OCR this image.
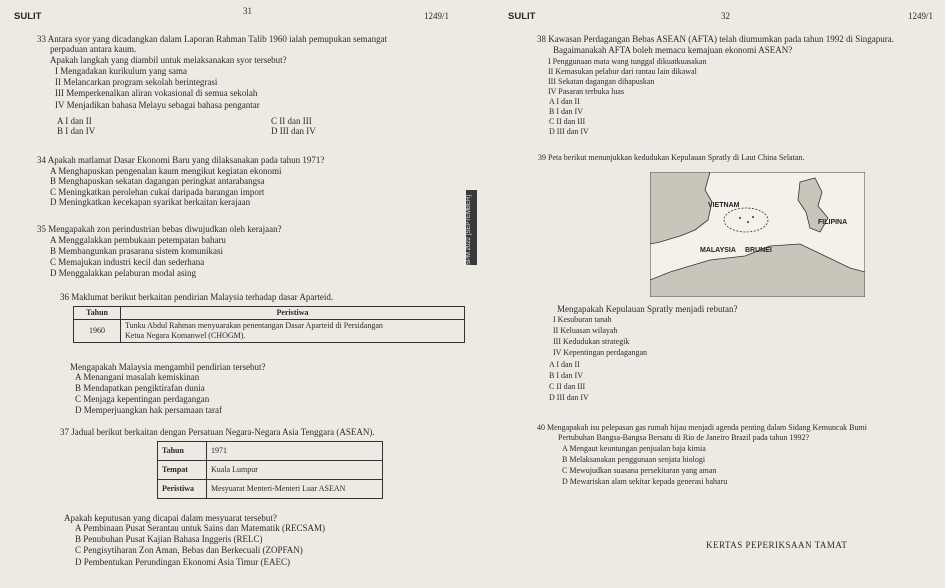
SULIT	31	1249/1	SULIT	32	1249/1
33 Antara syor yang dicadangkan dalam Laporan Rahman Talib 1960 ialah pemupukan semangat
perpaduan antara kaum.
Apakah langkah yang diambil untuk melaksanakan syor tersebut?
I Mengadakan kurikulum yang sama
II Melancarkan program sekolah berintegrasi
III Memperkenalkan aliran vokasional di semua sekolah
IV Menjadikan bahasa Melayu sebagai bahasa pengantar
A I dan II
B I dan IV
C II dan III
D III dan IV
34 Apakah matlamat Dasar Ekonomi Baru yang dilaksanakan pada tahun 1971?
A Menghapuskan pengenalan kaum mengikut kegiatan ekonomi
B Menghapuskan sekatan dagangan peringkat antarabangsa
C Meningkatkan perolehan cukai daripada barangan import
D Meningkatkan kecekapan syarikat berkaitan kerajaan
35 Mengapakah zon perindustrian bebas diwujudkan oleh kerajaan?
A Menggalakkan pembukaan petempatan baharu
B Membangunkan prasarana sistem komunikasi
C Memajukan industri kecil dan sederhana
D Menggalakkan pelaburan modal asing
SPM 2022 [SEPTEMBER]
36 Maklumat berikut berkaitan pendirian Malaysia terhadap dasar Aparteid.
Tahun	Peristiwa
1960	Tunku Abdul Rahman menyuarakan penentangan Dasar Aparteid di Persidangan
Ketua Negara Komanwel (CHOGM).
Mengapakah Malaysia mengambil pendirian tersebut?
A Menangani masalah kemiskinan
B Mendapatkan pengiktirafan dunia
C Menjaga kepentingan perdagangan
D Memperjuangkan hak persamaan taraf
37 Jadual berikut berkaitan dengan Persatuan Negara-Negara Asia Tenggara (ASEAN).
Tahun	1971
Tempat	Kuala Lumpur
Peristiwa	Mesyuarat Menteri-Menteri Luar ASEAN
Apakah keputusan yang dicapai dalam mesyuarat tersebut?
A Pembinaan Pusat Serantau untuk Sains dan Matematik (RECSAM)
B Penubuhan Pusat Kajian Bahasa Inggeris (RELC)
C Pengisytiharan Zon Aman, Bebas dan Berkecuali (ZOPFAN)
D Pembentukan Perundingan Ekonomi Asia Timur (EAEC)
38 Kawasan Perdagangan Bebas ASEAN (AFTA) telah diumumkan pada tahun 1992 di Singapura.
Bagaimanakah AFTA boleh memacu kemajuan ekonomi ASEAN?
I Penggunaan mata wang tunggal dikuatkuasakan
II Kemasukan pelabur dari rantau lain dikawal
III Sekatan dagangan dihapuskan
IV Pasaran terbuka luas
A I dan II
B I dan IV
C II dan III
D III dan IV
39 Peta berikut menunjukkan kedudukan Kepulauan Spratly di Laut China Selatan.
VIETNAM
FILIPINA
MALAYSIA BRUNEI
Mengapakah Kepulauan Spratly menjadi rebutan?
I Kesuburan tanah
II Keluasan wilayah
III Kedudukan strategik
IV Kepentingan perdagangan
A I dan II
B I dan IV
C II dan III
D III dan IV
40 Mengapakah isu pelepasan gas rumah hijau menjadi agenda penting dalam Sidang Kemuncak Bumi
Pertubuhan Bangsa-Bangsa Bersatu di Rio de Janeiro Brazil pada tahun 1992?
A Mengaut keuntungan penjualan baja kimia
B Melaksanakan penggunaan senjata biologi
C Mewujudkan suasana persekitaran yang aman
D Mewariskan alam sekitar kepada generasi baharu
KERTAS PEPERIKSAAN TAMAT
